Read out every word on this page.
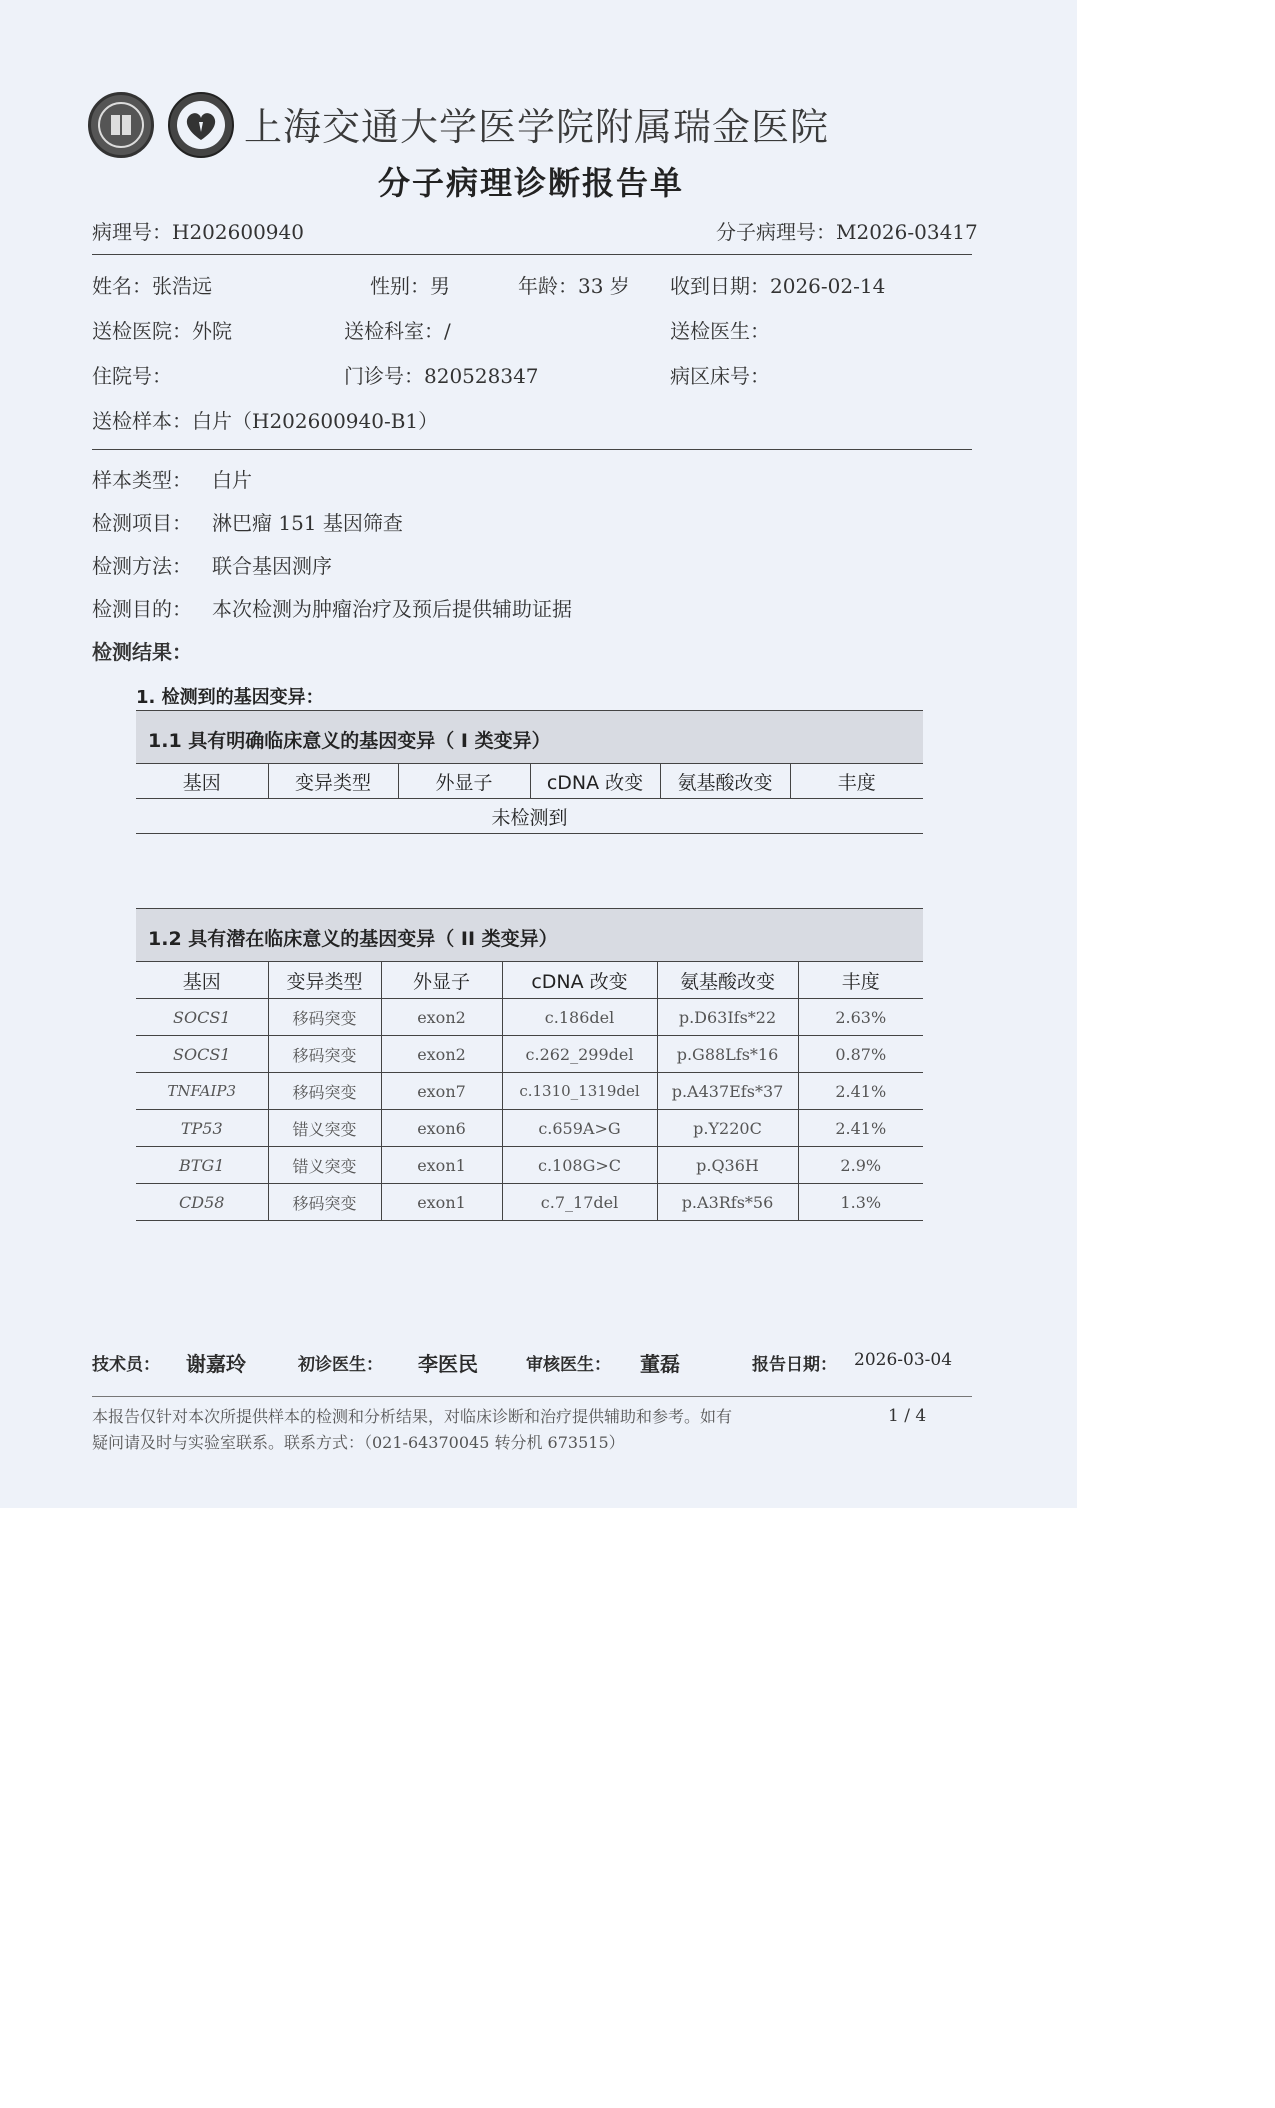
上海交通大学医学院附属瑞金医院
分子病理诊断报告单
病理号：H202600940	分子病理号：M2026-03417
姓名：张浩远	性别：男	年龄：33 岁 收到日期：2026-02-14
送检医院：外院	送检科室：/	送检医生：
住院号：	门诊号：820528347	病区床号：
送检样本：白片（H202600940-B1）
样本类型： 白片
检测项目： 淋巴瘤 151 基因筛查
检测方法： 联合基因测序
检测目的： 本次检测为肿瘤治疗及预后提供辅助证据
检测结果：
1. 检测到的基因变异：
1.1 具有明确临床意义的基因变异（ I 类变异）
基因	变异类型	外显子	cDNA 改变	氨基酸改变	丰度
未检测到
1.2 具有潜在临床意义的基因变异（ II 类变异）
基因	变异类型	外显子	cDNA 改变	氨基酸改变	丰度
SOCS1	移码突变	exon2	c.186del	p.D63Ifs*22	2.63%
SOCS1	移码突变	exon2	c.262_299del	p.G88Lfs*16	0.87%
TNFAIP3	移码突变	exon7	c.1310_1319del	p.A437Efs*37	2.41%
TP53	错义突变	exon6	c.659A>G	p.Y220C	2.41%
BTG1	错义突变	exon1	c.108G>C	p.Q36H	2.9%
CD58	移码突变	exon1	c.7_17del	p.A3Rfs*56	1.3%
技术员： 谢嘉玲	初诊医生： 李医民	审核医生： 董磊	报告日期： 2026-03-04
本报告仅针对本次所提供样本的检测和分析结果，对临床诊断和治疗提供辅助和参考。如有
疑问请及时与实验室联系。联系方式：（021-64370045 转分机 673515）
1 / 4
